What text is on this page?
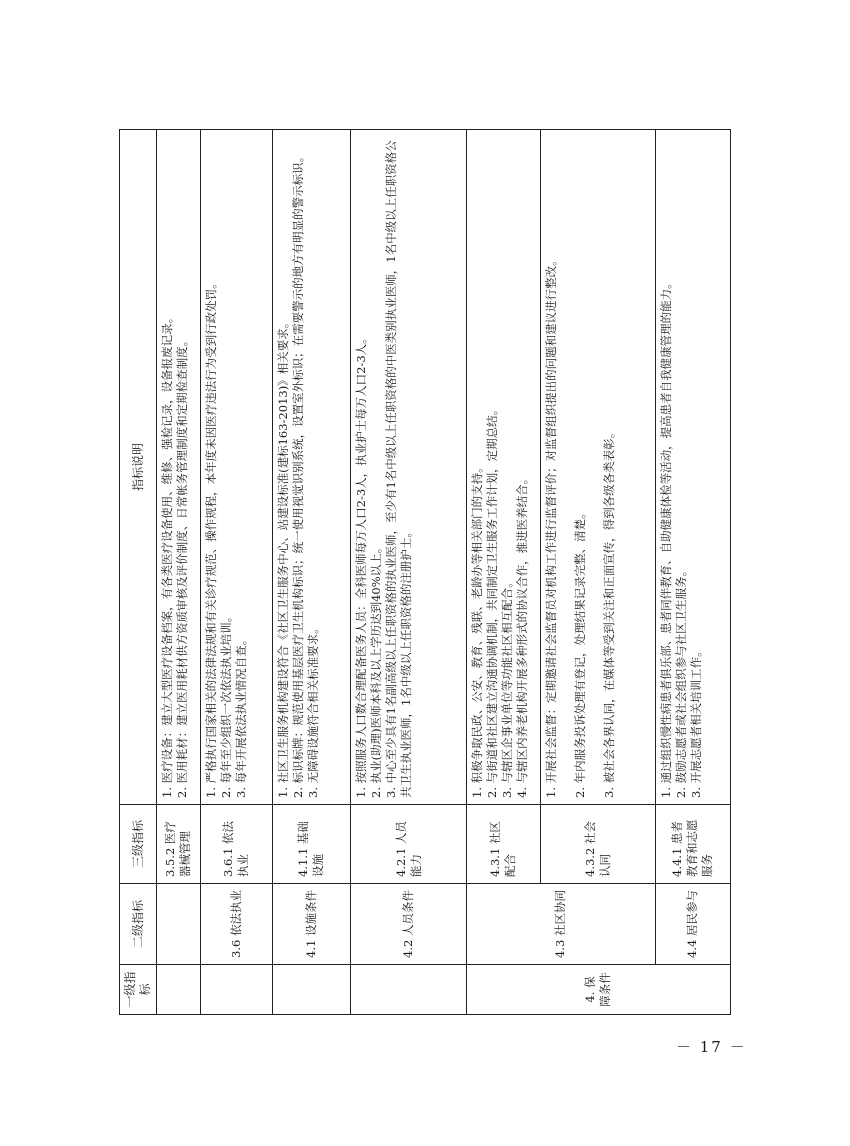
一级指标	二级指标	三级指标	指标说明
		3.5.2 医疗器械管理	1. 医疗设备：建立大型医疗设备档案，有各类医疗设备使用、维修、强检记录，设备报废记录。 2. 医用耗材：建立医用耗材供方资质审核及评价制度、日常帐务管理制度和定期检查制度。

	3.6 依法执业	3.6.1 依法执业	1. 严格执行国家相关的法律法规和有关诊疗规范、操作规程，本年度未因医疗违法行为受到行政处罚。 2. 每年至少组织一次依法执业培训。 3. 每年开展依法执业情况自查。

	4.1 设施条件	4.1.1 基础设施	1. 社区卫生服务机构建设符合《社区卫生服务中心、站建设标准(建标163-2013)》相关要求。 2. 标识标牌：规范使用基层医疗卫生机构标识；统一使用视觉识别系统，设置室外标识；在需要警示的地方有明显的警示标识。 3. 无障碍设施符合相关标准要求。

	4.2 人员条件	4.2.1 人员能力	1. 按照服务人口数合理配备医务人员：全科医师每万人口2-3人，执业护士每万人口2-3人。 2. 执业(助理)医师本科及以上学历达到40%以上。 3. 中心至少具有1名副高级以上任职资格的执业医师，至少有1名中级以上任职资格的中医类别执业医师，1名中级以上任职资格公共卫生执业医师，1名中级以上任职资格的注册护士。

4. 保障条件	4.3 社区协同	4.3.1 社区配合	1. 积极争取民政、公安、教育、残联、老龄办等相关部门的支持。 2. 与街道和社区建立沟通协调机制，共同制定卫生服务工作计划，定期总结。 3. 与辖区企事业单位等功能社区相互配合。 4. 与辖区内养老机构开展多种形式的协议合作，推进医养结合。

		4.3.2 社会认同	1. 开展社会监督：定期邀请社会监督员对机构工作进行监督评价；对监督组织提出的问题和建议进行整改。 2. 年内服务投诉处理有登记，处理结果记录完整、清楚。 3. 被社会各界认同，在媒体等受到关注和正面宣传，得到各级各类表彰。

	4.4 居民参与	4.4.1 患者教育和志愿服务	1. 通过组织慢性病患者俱乐部、患者同伴教育、自助健康体检等活动，提高患者自我健康管理的能力。 2. 鼓励志愿者或社会组织参与社区卫生服务。 3. 开展志愿者相关培训工作。

－ 17 －
